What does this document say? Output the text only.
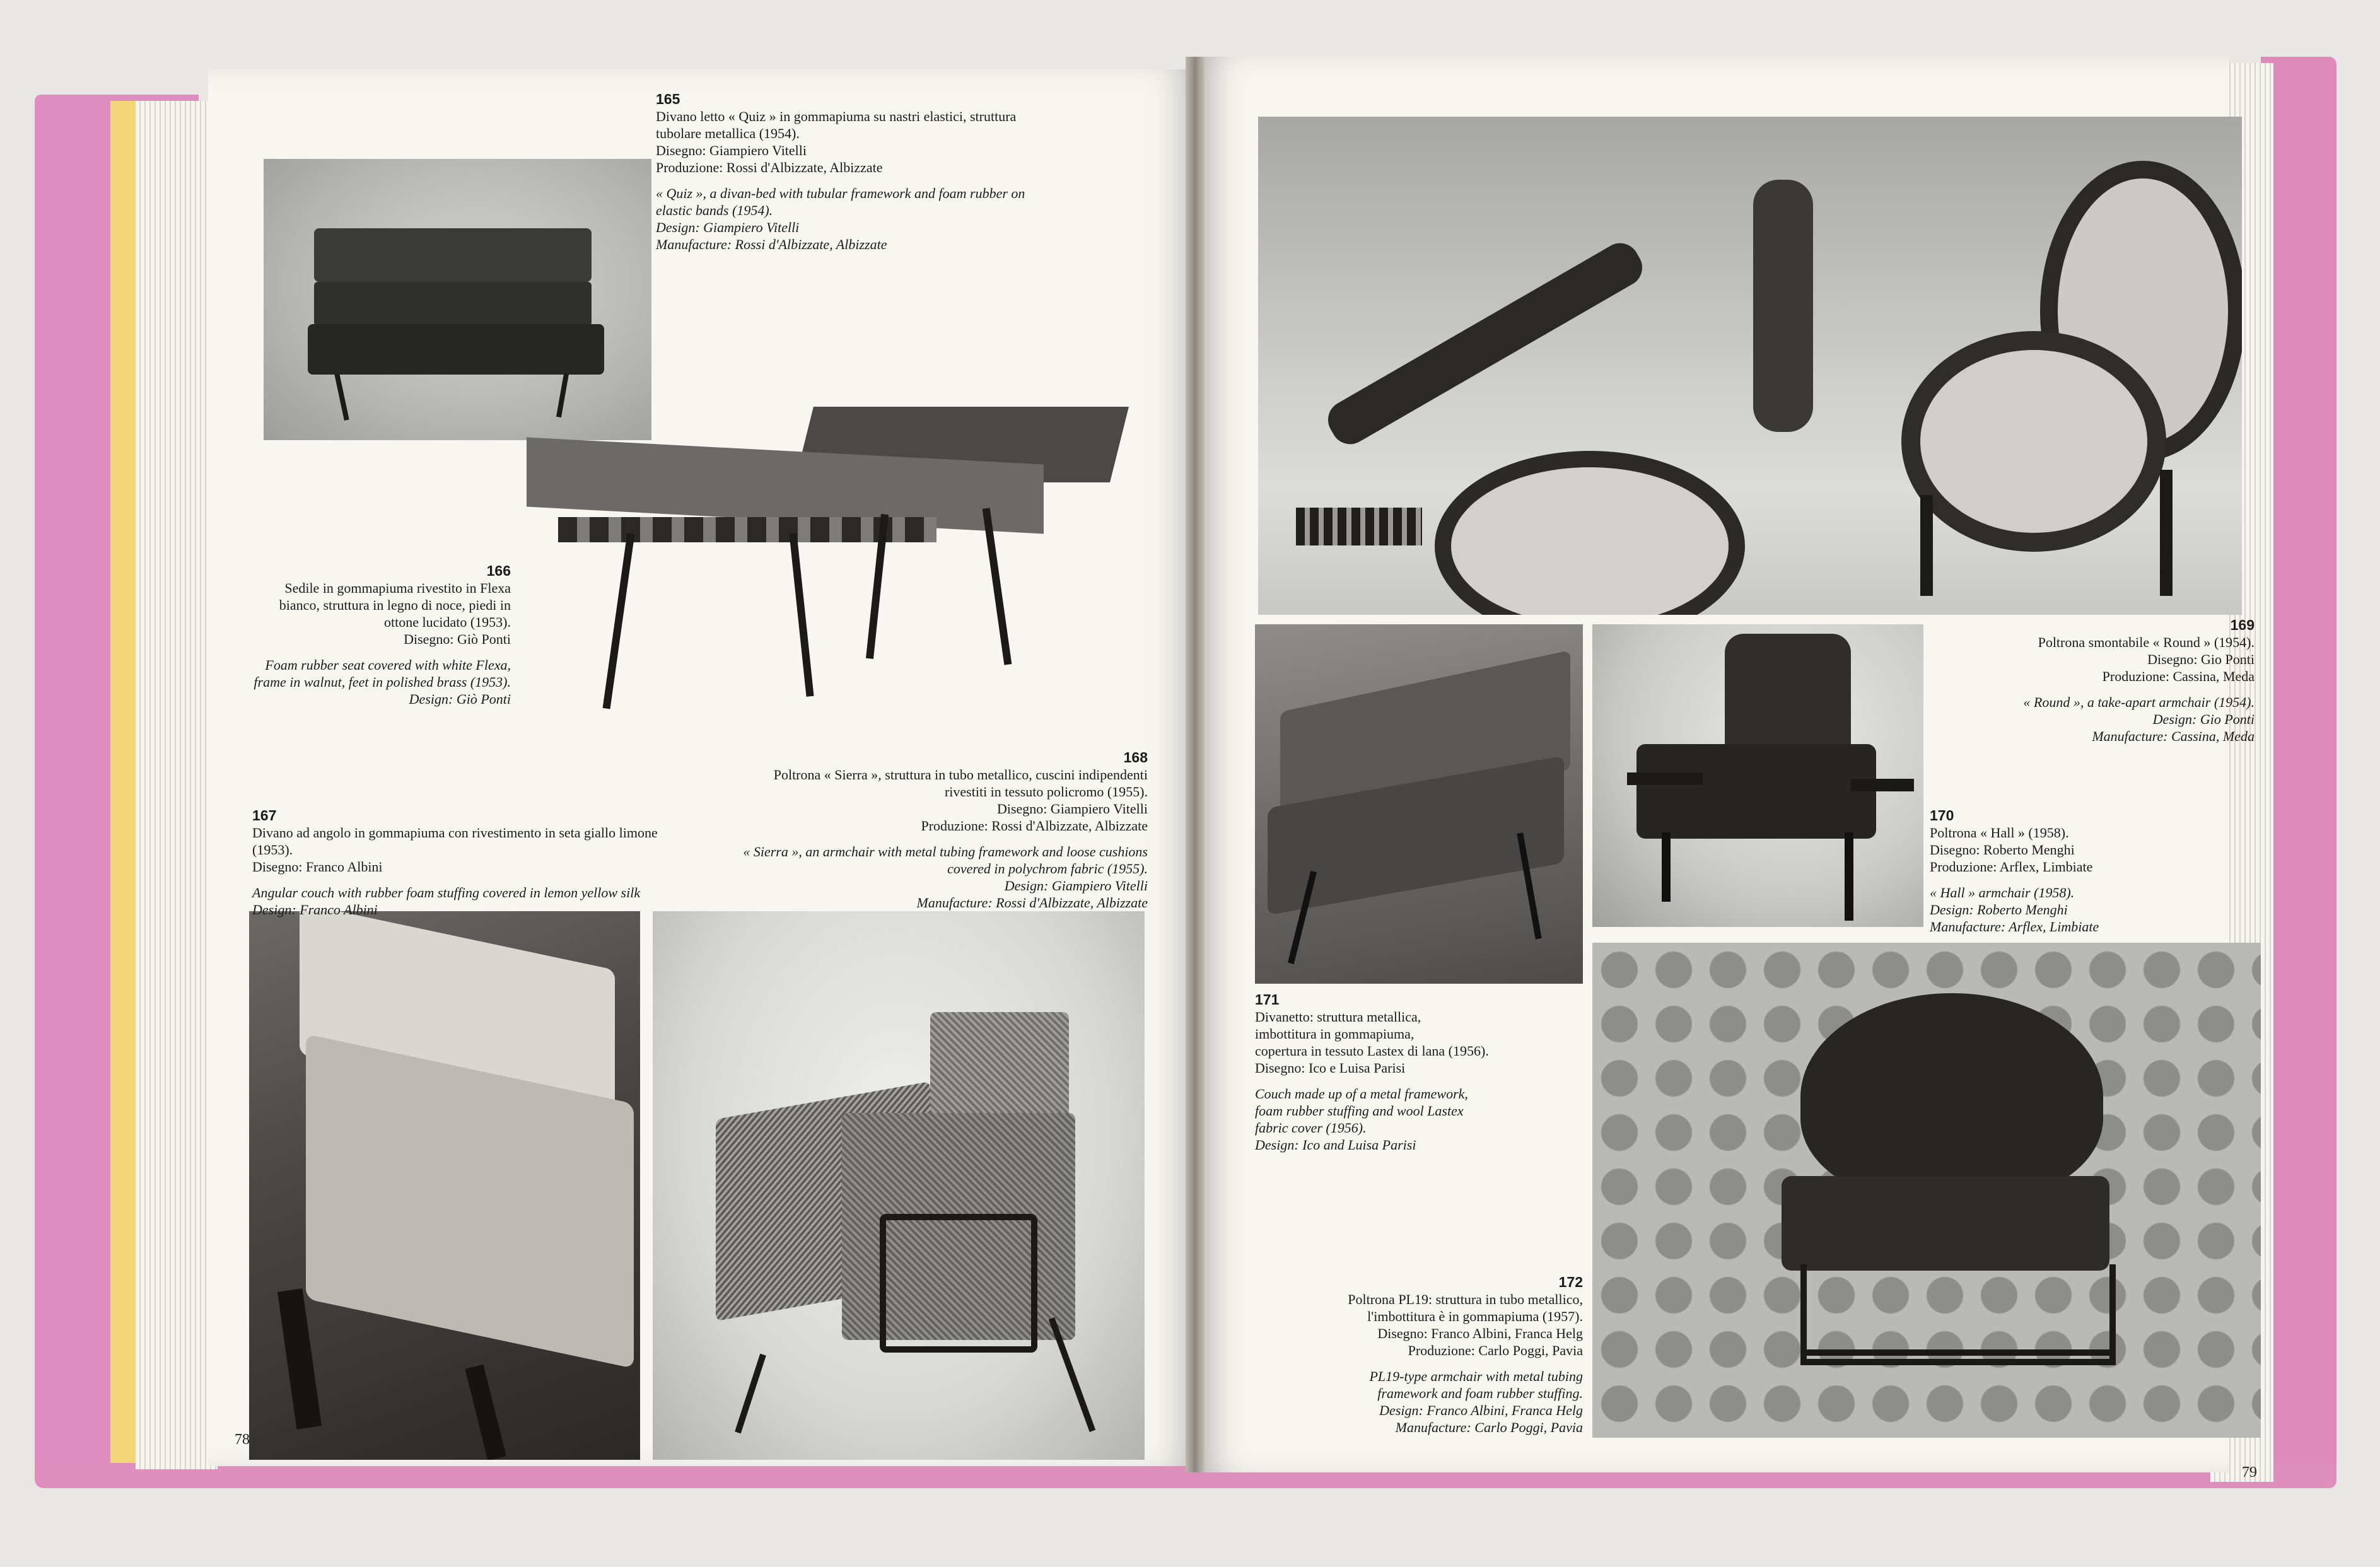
165
Divano letto « Quiz » in gommapiuma su nastri elastici, struttura
tubolare metallica (1954).
Disegno: Giampiero Vitelli
Produzione: Rossi d'Albizzate, Albizzate
« Quiz », a divan-bed with tubular framework and foam rubber on
elastic bands (1954).
Design: Giampiero Vitelli
Manufacture: Rossi d'Albizzate, Albizzate
166
Sedile in gommapiuma rivestito in Flexa
bianco, struttura in legno di noce, piedi in
ottone lucidato (1953).
Disegno: Giò Ponti
Foam rubber seat covered with white Flexa,
frame in walnut, feet in polished brass (1953).
Design: Giò Ponti
167
Divano ad angolo in gommapiuma con rivestimento in seta giallo limone
(1953).
Disegno: Franco Albini
Angular couch with rubber foam stuffing covered in lemon yellow silk
Design: Franco Albini
168
Poltrona « Sierra », struttura in tubo metallico, cuscini indipendenti
rivestiti in tessuto policromo (1955).
Disegno: Giampiero Vitelli
Produzione: Rossi d'Albizzate, Albizzate
« Sierra », an armchair with metal tubing framework and loose cushions
covered in polychrom fabric (1955).
Design: Giampiero Vitelli
Manufacture: Rossi d'Albizzate, Albizzate
169
Poltrona smontabile « Round » (1954).
Disegno: Gio Ponti
Produzione: Cassina, Meda
« Round », a take-apart armchair (1954).
Design: Gio Ponti
Manufacture: Cassina, Meda
170
Poltrona « Hall » (1958).
Disegno: Roberto Menghi
Produzione: Arflex, Limbiate
« Hall » armchair (1958).
Design: Roberto Menghi
Manufacture: Arflex, Limbiate
171
Divanetto: struttura metallica,
imbottitura in gommapiuma,
copertura in tessuto Lastex di lana (1956).
Disegno: Ico e Luisa Parisi
Couch made up of a metal framework,
foam rubber stuffing and wool Lastex
fabric cover (1956).
Design: Ico and Luisa Parisi
172
Poltrona PL19: struttura in tubo metallico,
l'imbottitura è in gommapiuma (1957).
Disegno: Franco Albini, Franca Helg
Produzione: Carlo Poggi, Pavia
PL19-type armchair with metal tubing
framework and foam rubber stuffing.
Design: Franco Albini, Franca Helg
Manufacture: Carlo Poggi, Pavia
78
79
